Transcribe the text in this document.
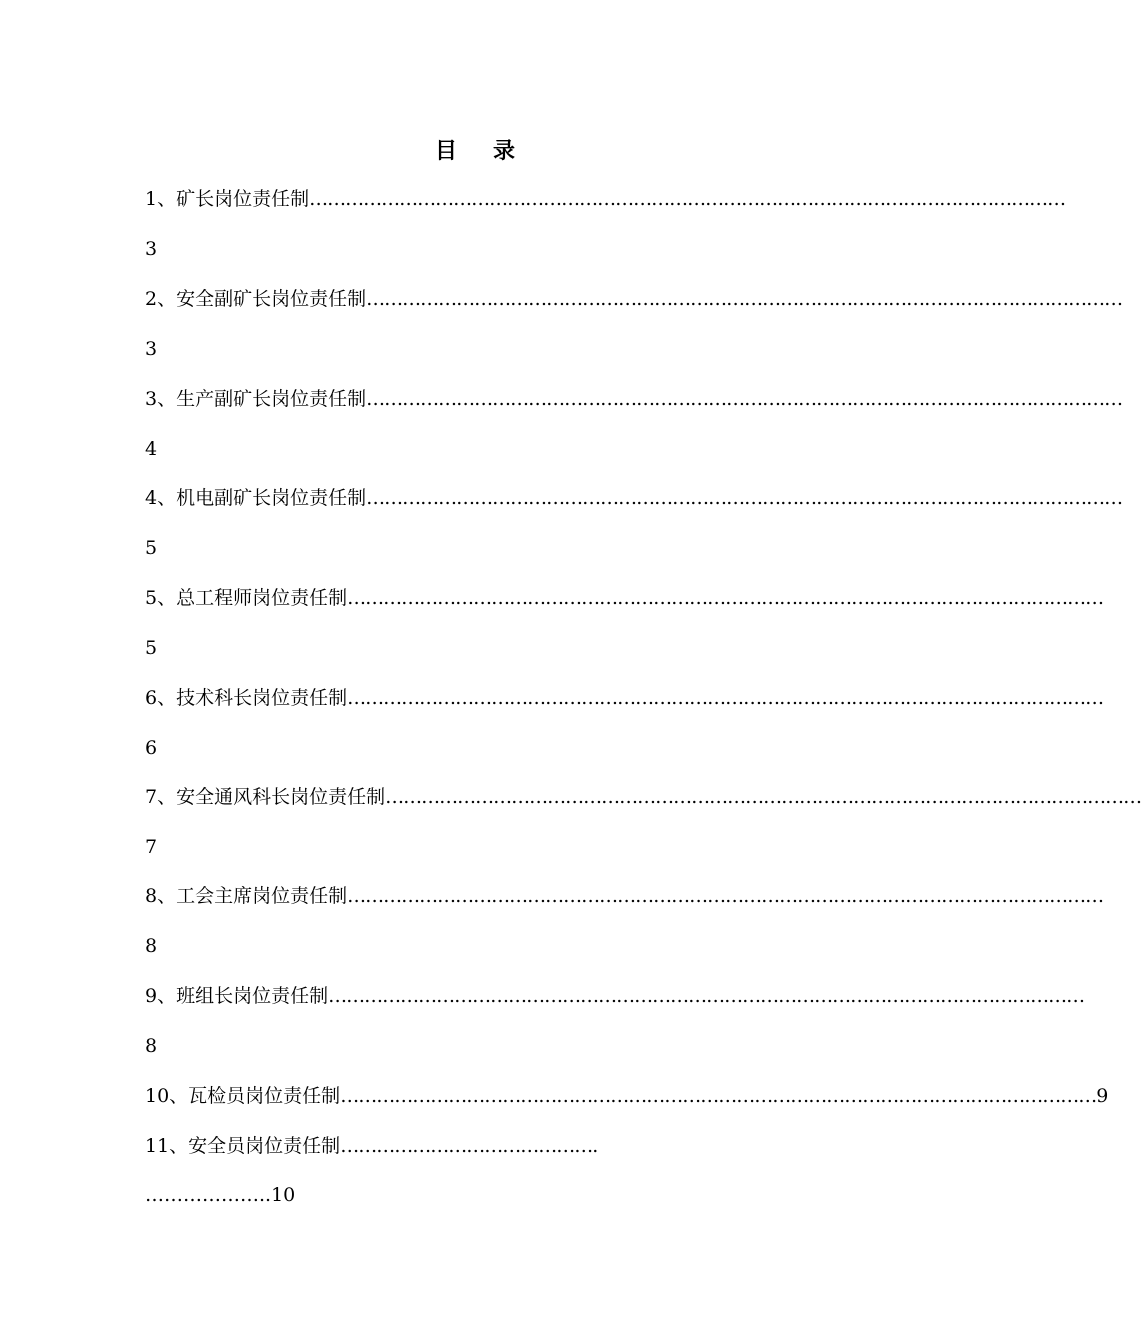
目 录
1、矿长岗位责任制 ………………………………………………………………………………………………………………
3
2、安全副矿长岗位责任制 ………………………………………………………………………………………………………………
3
3、生产副矿长岗位责任制 ………………………………………………………………………………………………………………
4
4、机电副矿长岗位责任制 ………………………………………………………………………………………………………………
5
5、总工程师岗位责任制 ………………………………………………………………………………………………………………
5
6、技术科长岗位责任制 ………………………………………………………………………………………………………………
6
7、安全通风科长岗位责任制 ………………………………………………………………………………………………………………
7
8、工会主席岗位责任制 ………………………………………………………………………………………………………………
8
9、班组长岗位责任制 ………………………………………………………………………………………………………………
8
10、瓦检员岗位责任制 ……………………………………………………………………………………………………………… 9
11、安全员岗位责任制…………………………………….
………………..10
